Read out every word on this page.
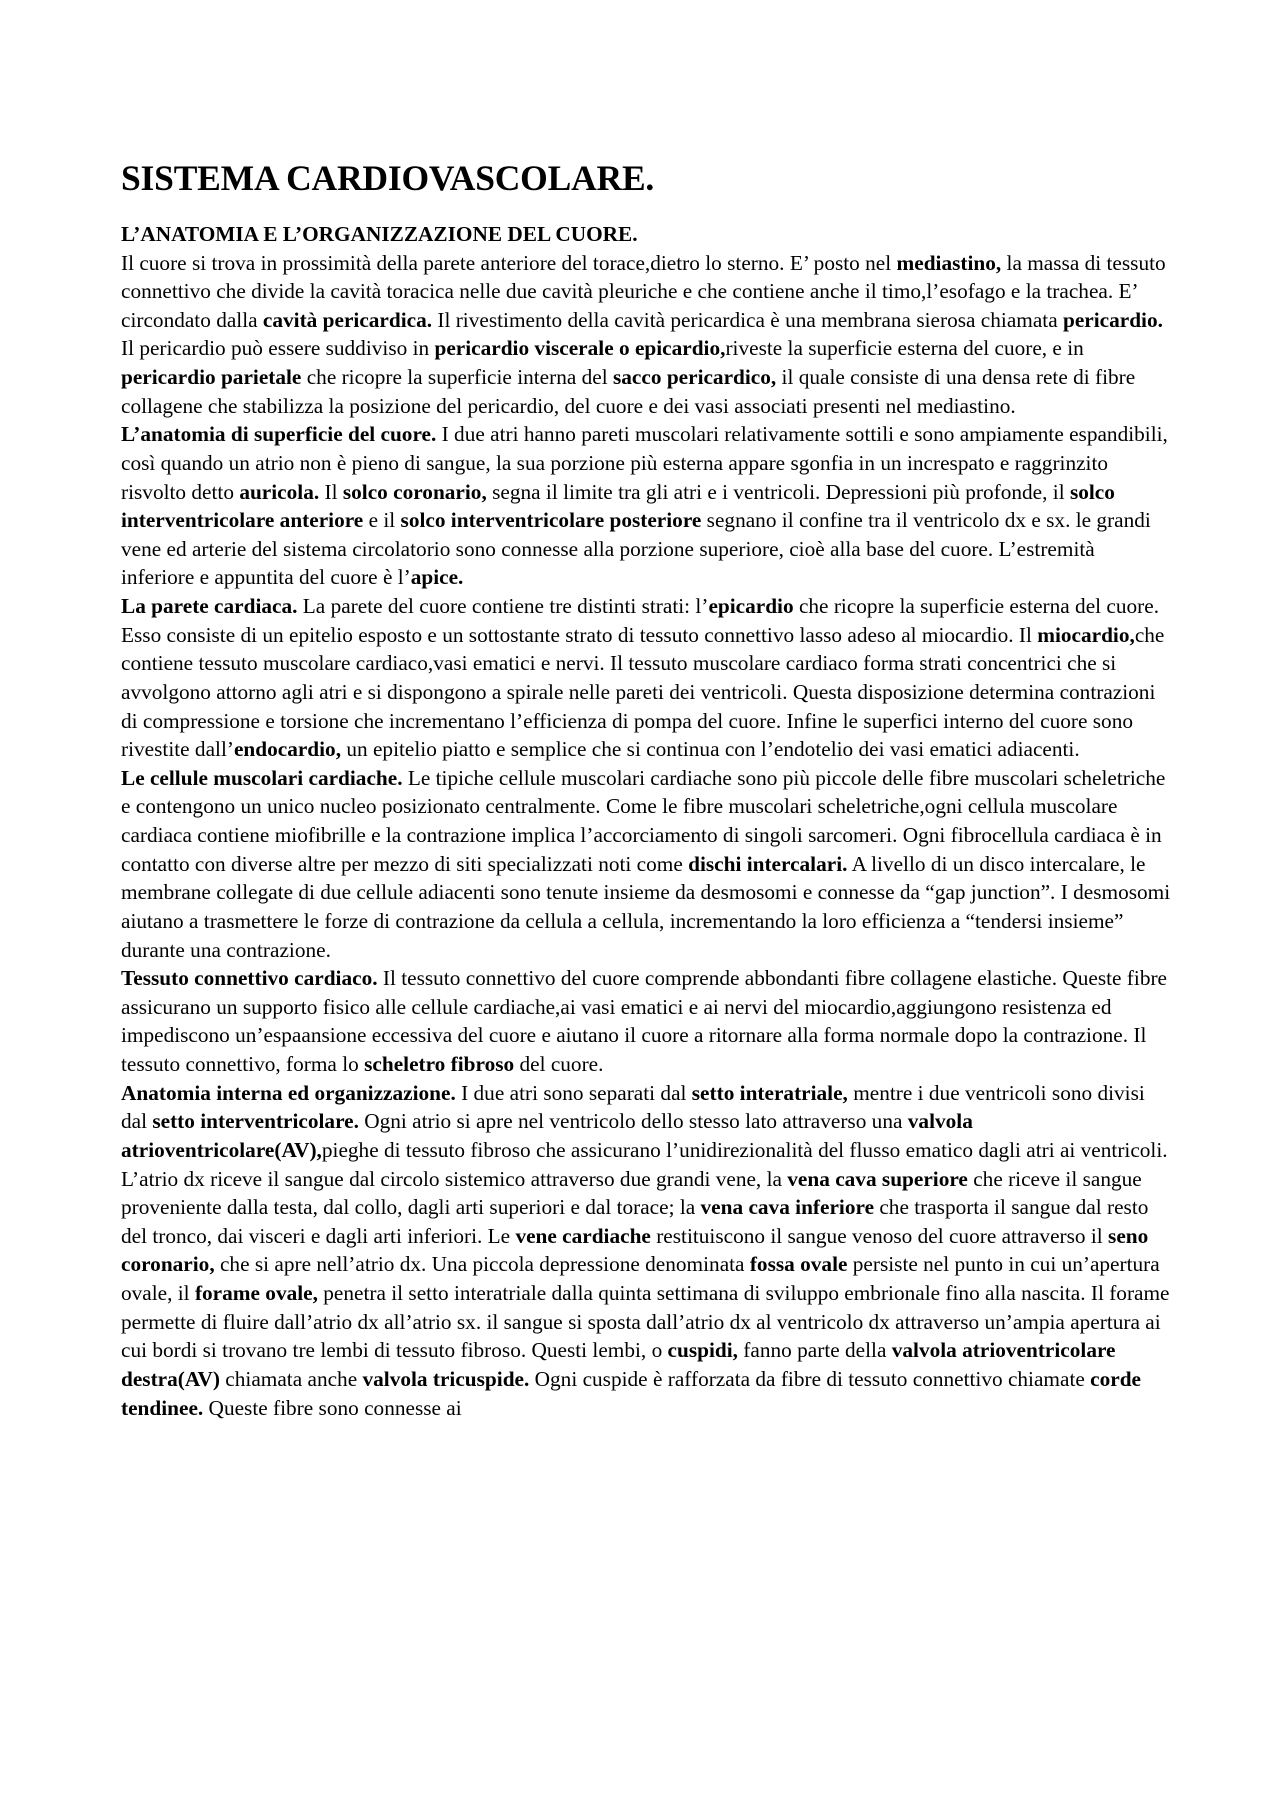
SISTEMA CARDIOVASCOLARE.
L’ANATOMIA E L’ORGANIZZAZIONE DEL CUORE.

Il cuore si trova in prossimità della parete anteriore del torace,dietro lo sterno. E’ posto nel mediastino, la massa di tessuto connettivo che divide la cavità toracica nelle due cavità pleuriche e che contiene anche il timo,l’esofago e la trachea. E’ circondato dalla cavità pericardica. Il rivestimento della cavità pericardica è una membrana sierosa chiamata pericardio. Il pericardio può essere suddiviso in pericardio viscerale o epicardio,riveste la superficie esterna del cuore, e in pericardio parietale che ricopre la superficie interna del sacco pericardico, il quale consiste di una densa rete di fibre collagene che stabilizza la posizione del pericardio, del cuore e dei vasi associati presenti nel mediastino.

L’anatomia di superficie del cuore. I due atri hanno pareti muscolari relativamente sottili e sono ampiamente espandibili, così quando un atrio non è pieno di sangue, la sua porzione più esterna appare sgonfia in un increspato e raggrinzito risvolto detto auricola. Il solco coronario, segna il limite tra gli atri e i ventricoli. Depressioni più profonde, il solco interventricolare anteriore e il solco interventricolare posteriore segnano il confine tra il ventricolo dx e sx. le grandi vene ed arterie del sistema circolatorio sono connesse alla porzione superiore, cioè alla base del cuore. L’estremità inferiore e appuntita del cuore è l’apice.

La parete cardiaca. La parete del cuore contiene tre distinti strati: l’epicardio che ricopre la superficie esterna del cuore. Esso consiste di un epitelio esposto e un sottostante strato di tessuto connettivo lasso adeso al miocardio. Il miocardio,che contiene tessuto muscolare cardiaco,vasi ematici e nervi. Il tessuto muscolare cardiaco forma strati concentrici che si avvolgono attorno agli atri e si dispongono a spirale nelle pareti dei ventricoli. Questa disposizione determina contrazioni di compressione e torsione che incrementano l’efficienza di pompa del cuore. Infine le superfici interno del cuore sono rivestite dall’endocardio, un epitelio piatto e semplice che si continua con l’endotelio dei vasi ematici adiacenti.

Le cellule muscolari cardiache. Le tipiche cellule muscolari cardiache sono più piccole delle fibre muscolari scheletriche e contengono un unico nucleo posizionato centralmente. Come le fibre muscolari scheletriche,ogni cellula muscolare cardiaca contiene miofibrille e la contrazione implica l’accorciamento di singoli sarcomeri. Ogni fibrocellula cardiaca è in contatto con diverse altre per mezzo di siti specializzati noti come dischi intercalari. A livello di un disco intercalare, le membrane collegate di due cellule adiacenti sono tenute insieme da desmosomi e connesse da “gap junction”. I desmosomi aiutano a trasmettere le forze di contrazione da cellula a cellula, incrementando la loro efficienza a “tendersi insieme” durante una contrazione.

Tessuto connettivo cardiaco. Il tessuto connettivo del cuore comprende abbondanti fibre collagene elastiche. Queste fibre assicurano un supporto fisico alle cellule cardiache,ai vasi ematici e ai nervi del miocardio,aggiungono resistenza ed impediscono un’espaansione eccessiva del cuore e aiutano il cuore a ritornare alla forma normale dopo la contrazione. Il tessuto connettivo, forma lo scheletro fibroso del cuore.

Anatomia interna ed organizzazione. I due atri sono separati dal setto interatriale, mentre i due ventricoli sono divisi dal setto interventricolare. Ogni atrio si apre nel ventricolo dello stesso lato attraverso una valvola atrioventricolare(AV),pieghe di tessuto fibroso che assicurano l’unidirezionalità del flusso ematico dagli atri ai ventricoli. L’atrio dx riceve il sangue dal circolo sistemico attraverso due grandi vene, la vena cava superiore che riceve il sangue proveniente dalla testa, dal collo, dagli arti superiori e dal torace; la vena cava inferiore che trasporta il sangue dal resto del tronco, dai visceri e dagli arti inferiori. Le vene cardiache restituiscono il sangue venoso del cuore attraverso il seno coronario, che si apre nell’atrio dx. Una piccola depressione denominata fossa ovale persiste nel punto in cui un’apertura ovale, il forame ovale, penetra il setto interatriale dalla quinta settimana di sviluppo embrionale fino alla nascita. Il forame permette di fluire dall’atrio dx all’atrio sx. il sangue si sposta dall’atrio dx al ventricolo dx attraverso un’ampia apertura ai cui bordi si trovano tre lembi di tessuto fibroso. Questi lembi, o cuspidi, fanno parte della valvola atrioventricolare destra(AV) chiamata anche valvola tricuspide. Ogni cuspide è rafforzata da fibre di tessuto connettivo chiamate corde tendinee. Queste fibre sono connesse ai
